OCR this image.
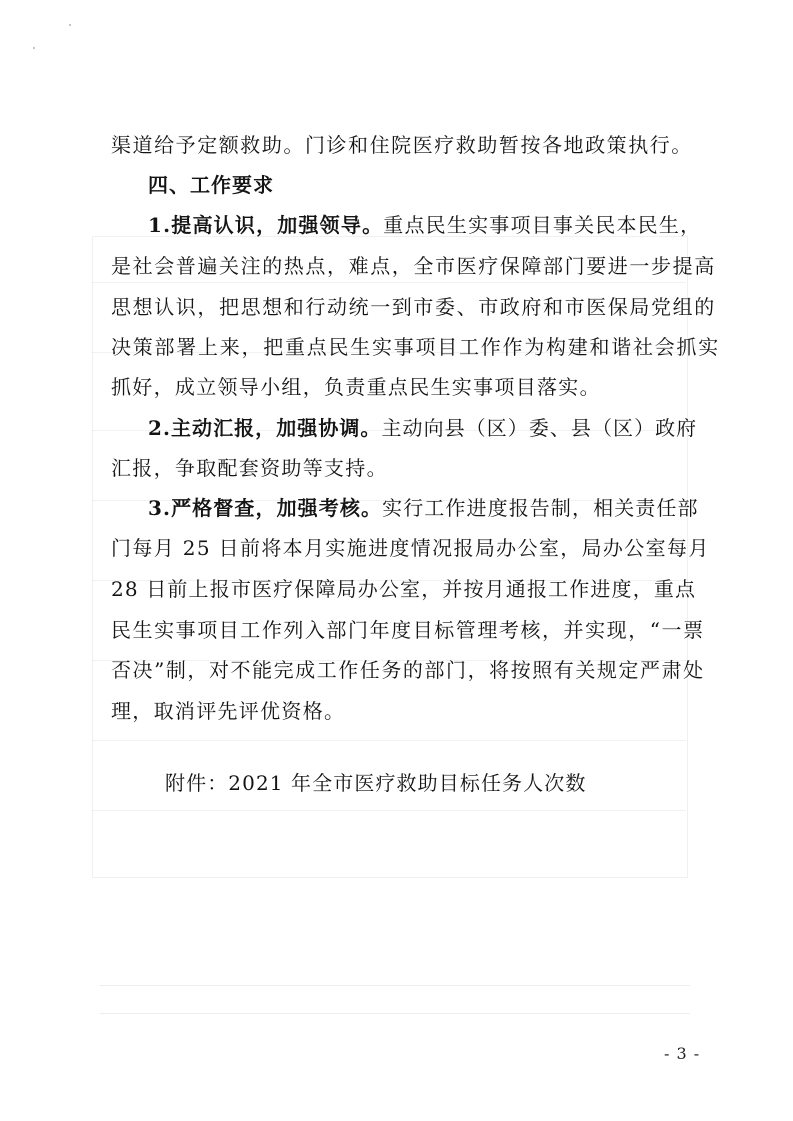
渠道给予定额救助。门诊和住院医疗救助暂按各地政策执行。
四、工作要求
1.提高认识，加强领导。重点民生实事项目事关民本民生，
是社会普遍关注的热点，难点，全市医疗保障部门要进一步提高
思想认识，把思想和行动统一到市委、市政府和市医保局党组的
决策部署上来，把重点民生实事项目工作作为构建和谐社会抓实
抓好，成立领导小组，负责重点民生实事项目落实。
2.主动汇报，加强协调。主动向县（区）委、县（区）政府
汇报，争取配套资助等支持。
3.严格督查，加强考核。实行工作进度报告制，相关责任部
门每月 25 日前将本月实施进度情况报局办公室，局办公室每月
28 日前上报市医疗保障局办公室，并按月通报工作进度，重点
民生实事项目工作列入部门年度目标管理考核，并实现，“一票
否决”制，对不能完成工作任务的部门，将按照有关规定严肃处
理，取消评先评优资格。
附件：2021 年全市医疗救助目标任务人次数
- 3 -
